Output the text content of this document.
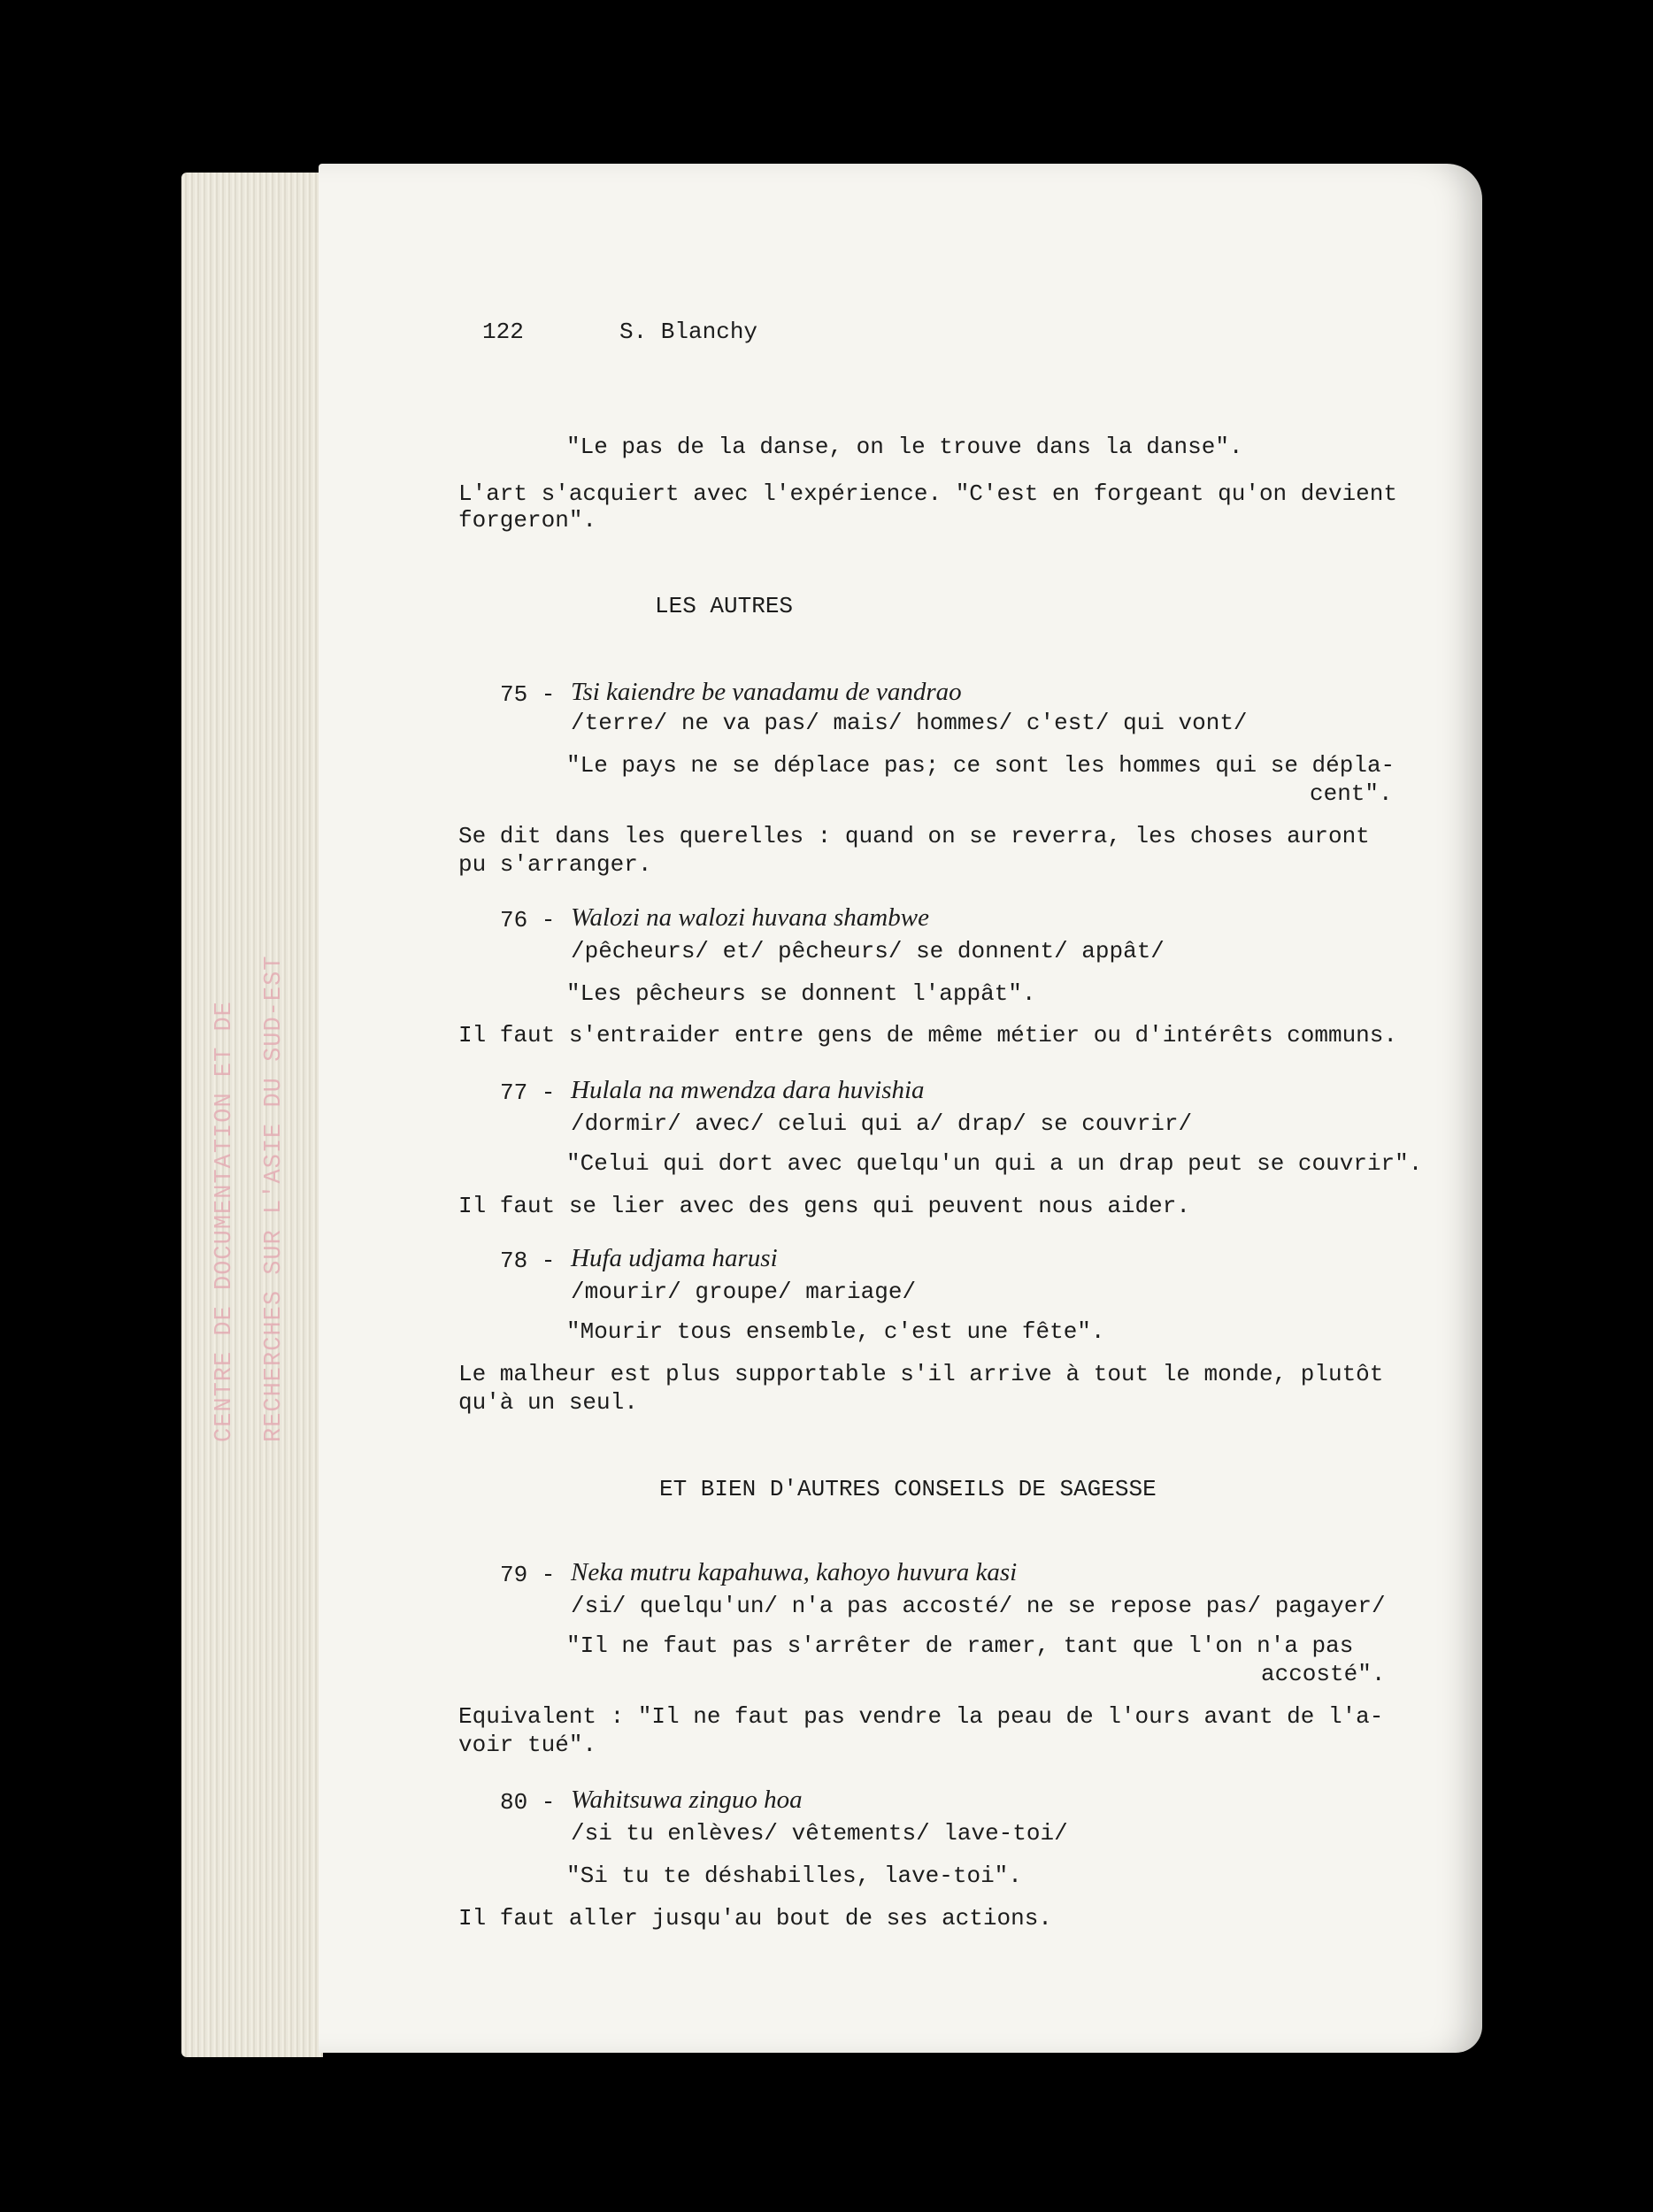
CENTRE DE DOCUMENTATION ET DE RECHERCHES SUR L'ASIE DU SUD-EST
122	S. Blanchy
"Le pas de la danse, on le trouve dans la danse".
L'art s'acquiert avec l'expérience. "C'est en forgeant qu'on devient
forgeron".
LES AUTRES
75 - Tsi kaiendre be vanadamu de vandrao
/terre/ ne va pas/ mais/ hommes/ c'est/ qui vont/
"Le pays ne se déplace pas; ce sont les hommes qui se dépla-
cent".
Se dit dans les querelles : quand on se reverra, les choses auront
pu s'arranger.
76 - Walozi na walozi huvana shambwe
/pêcheurs/ et/ pêcheurs/ se donnent/ appât/
"Les pêcheurs se donnent l'appât".
Il faut s'entraider entre gens de même métier ou d'intérêts communs.
77 - Hulala na mwendza dara huvishia
/dormir/ avec/ celui qui a/ drap/ se couvrir/
"Celui qui dort avec quelqu'un qui a un drap peut se couvrir".
Il faut se lier avec des gens qui peuvent nous aider.
78 - Hufa udjama harusi
/mourir/ groupe/ mariage/
"Mourir tous ensemble, c'est une fête".
Le malheur est plus supportable s'il arrive à tout le monde, plutôt
qu'à un seul.
ET BIEN D'AUTRES CONSEILS DE SAGESSE
79 - Neka mutru kapahuwa, kahoyo huvura kasi
/si/ quelqu'un/ n'a pas accosté/ ne se repose pas/ pagayer/
"Il ne faut pas s'arrêter de ramer, tant que l'on n'a pas
accosté".
Equivalent : "Il ne faut pas vendre la peau de l'ours avant de l'a-
voir tué".
80 - Wahitsuwa zinguo hoa
/si tu enlèves/ vêtements/ lave-toi/
"Si tu te déshabilles, lave-toi".
Il faut aller jusqu'au bout de ses actions.
